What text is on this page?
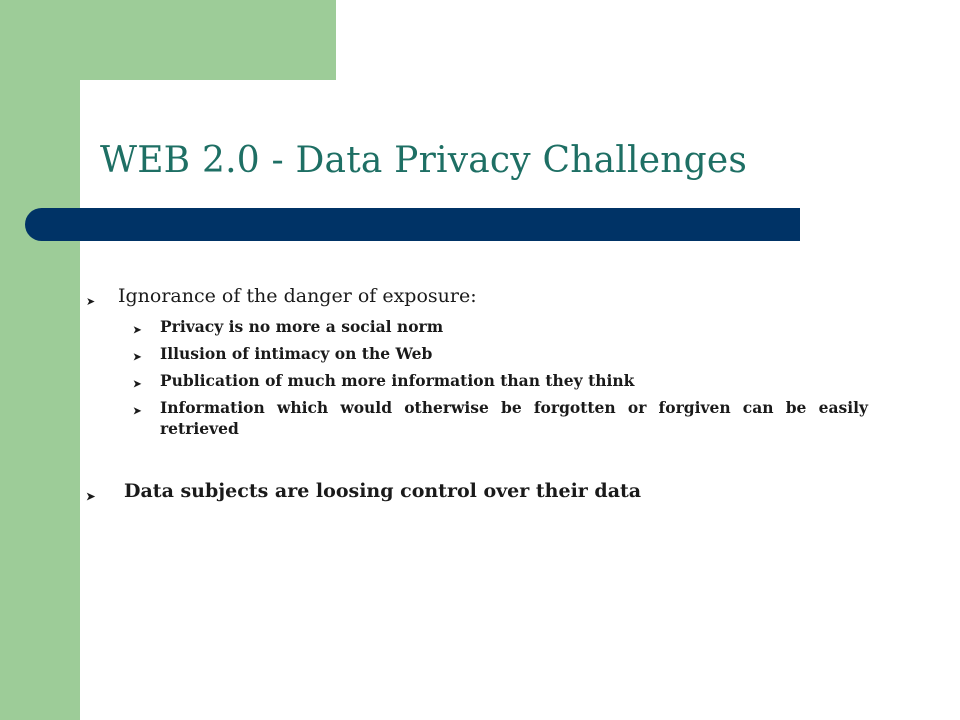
WEB 2.0 - Data Privacy Challenges
➤ Ignorance of the danger of exposure:
➤ Privacy is no more a social norm
➤ Illusion of intimacy on the Web
➤ Publication of much more information than they think
➤ Information which would otherwise be forgotten or forgiven can be easily retrieved
➤ Data subjects are loosing control over their data
